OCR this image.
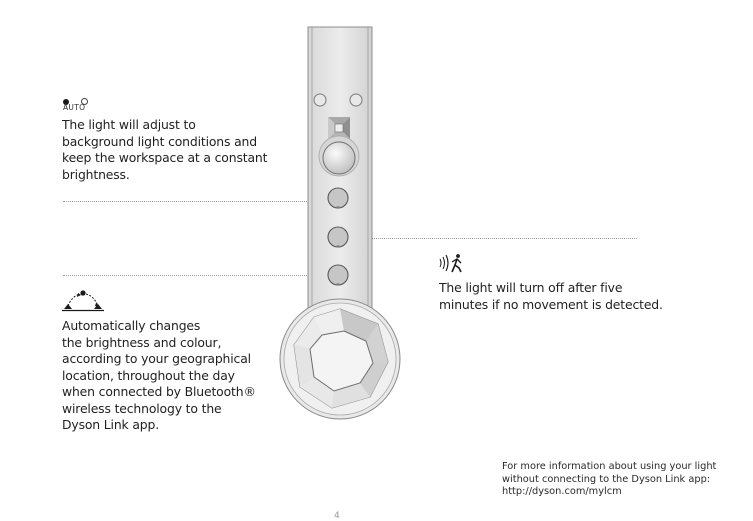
AUTO
The light will adjust to
background light conditions and
keep the workspace at a constant
brightness.
Automatically changes
the brightness and colour,
according to your geographical
location, throughout the day
when connected by Bluetooth®
wireless technology to the
Dyson Link app.
The light will turn off after five
minutes if no movement is detected.
For more information about using your light
without connecting to the Dyson Link app:
http://dyson.com/mylcm
4
